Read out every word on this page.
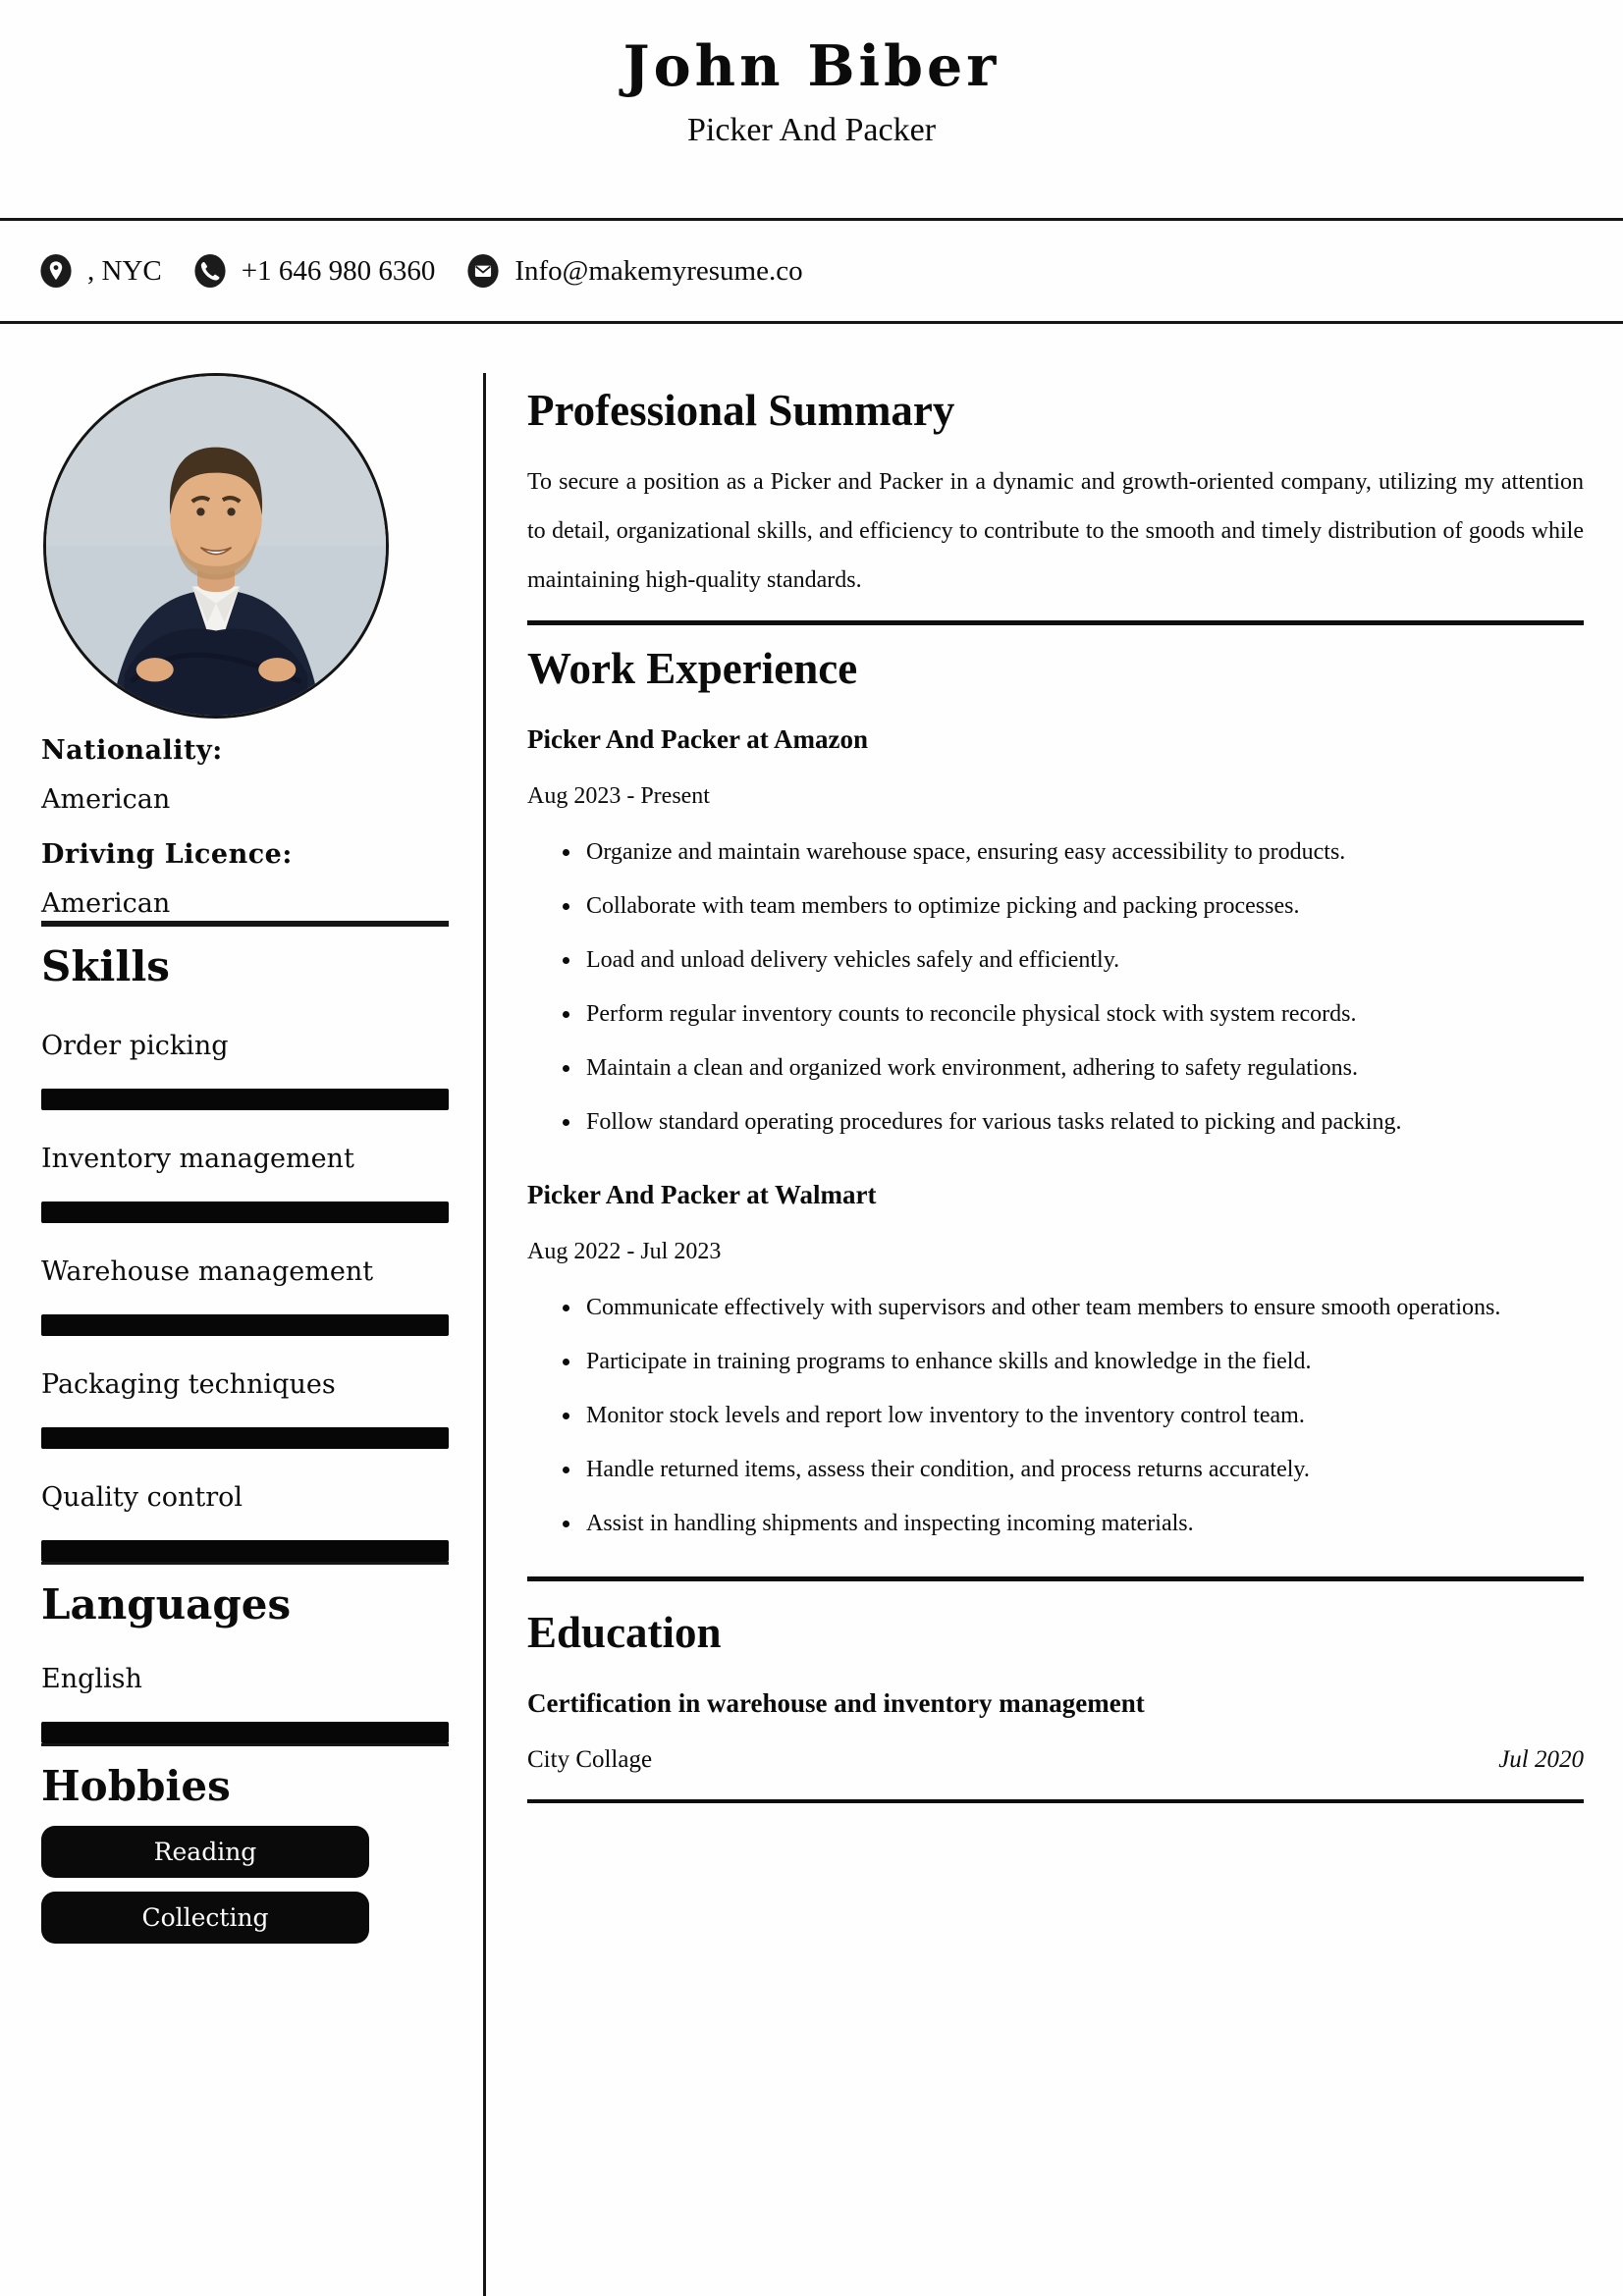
John Biber
Picker And Packer
, NYC	+1 646 980 6360	Info@makemyresume.co
Nationality:
American
Driving Licence:
American
Skills
Order picking
Inventory management
Warehouse management
Packaging techniques
Quality control
Languages
English
Hobbies
Reading
Collecting
Professional Summary

To secure a position as a Picker and Packer in a dynamic and growth-oriented company, utilizing my attention to detail, organizational skills, and efficiency to contribute to the smooth and timely distribution of goods while maintaining high-quality standards.

Work Experience
Picker And Packer at Amazon
Aug 2023 - Present
• Organize and maintain warehouse space, ensuring easy accessibility to products.
• Collaborate with team members to optimize picking and packing processes.
• Load and unload delivery vehicles safely and efficiently.
• Perform regular inventory counts to reconcile physical stock with system records.
• Maintain a clean and organized work environment, adhering to safety regulations.
• Follow standard operating procedures for various tasks related to picking and packing.
Picker And Packer at Walmart
Aug 2022 - Jul 2023
• Communicate effectively with supervisors and other team members to ensure smooth operations.
• Participate in training programs to enhance skills and knowledge in the field.
• Monitor stock levels and report low inventory to the inventory control team.
• Handle returned items, assess their condition, and process returns accurately.
• Assist in handling shipments and inspecting incoming materials.
Education
Certification in warehouse and inventory management
City Collage	Jul 2020
